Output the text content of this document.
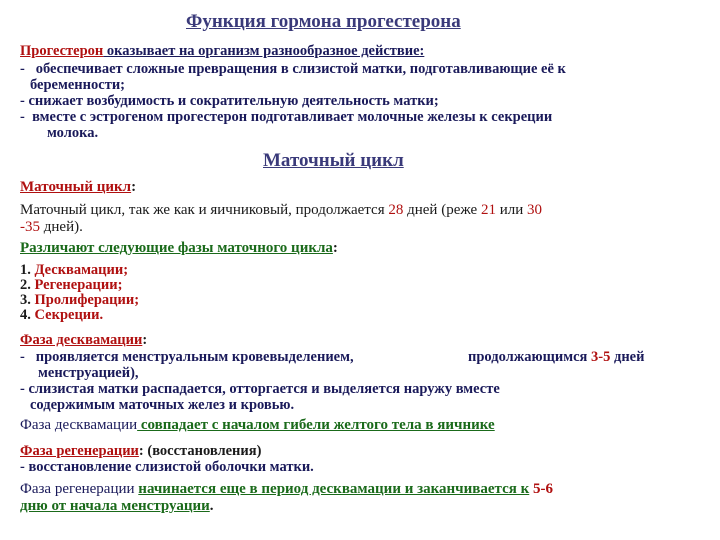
Функция гормона прогестерона
Прогестерон оказывает на организм разнообразное действие:
- обеспечивает сложные превращения в слизистой матки, подготавливающие её к
беременности;
- снижает возбудимость и сократительную деятельность матки;
- вместе с эстрогеном прогестерон подготавливает молочные железы к секреции
молока.
Маточный цикл
Маточный цикл:
Маточный цикл, так же как и яичниковый, продолжается 28 дней (реже 21 или 30
-35 дней).
Различают следующие фазы маточного цикла:
1. Десквамации;
2. Регенерации;
3. Пролиферации;
4. Секреции.
Фаза десквамации:
- проявляется менструальным кровевыделением,	продолжающимся 3-5 дней
менструацией),
- слизистая матки распадается, отторгается и выделяется наружу вместе
содержимым маточных желез и кровью.
Фаза десквамации совпадает с началом гибели желтого тела в яичнике
Фаза регенерации: (восстановления)
- восстановление слизистой оболочки матки.
Фаза регенерации начинается еще в период десквамации и заканчивается к 5-6
дню от начала менструации.
